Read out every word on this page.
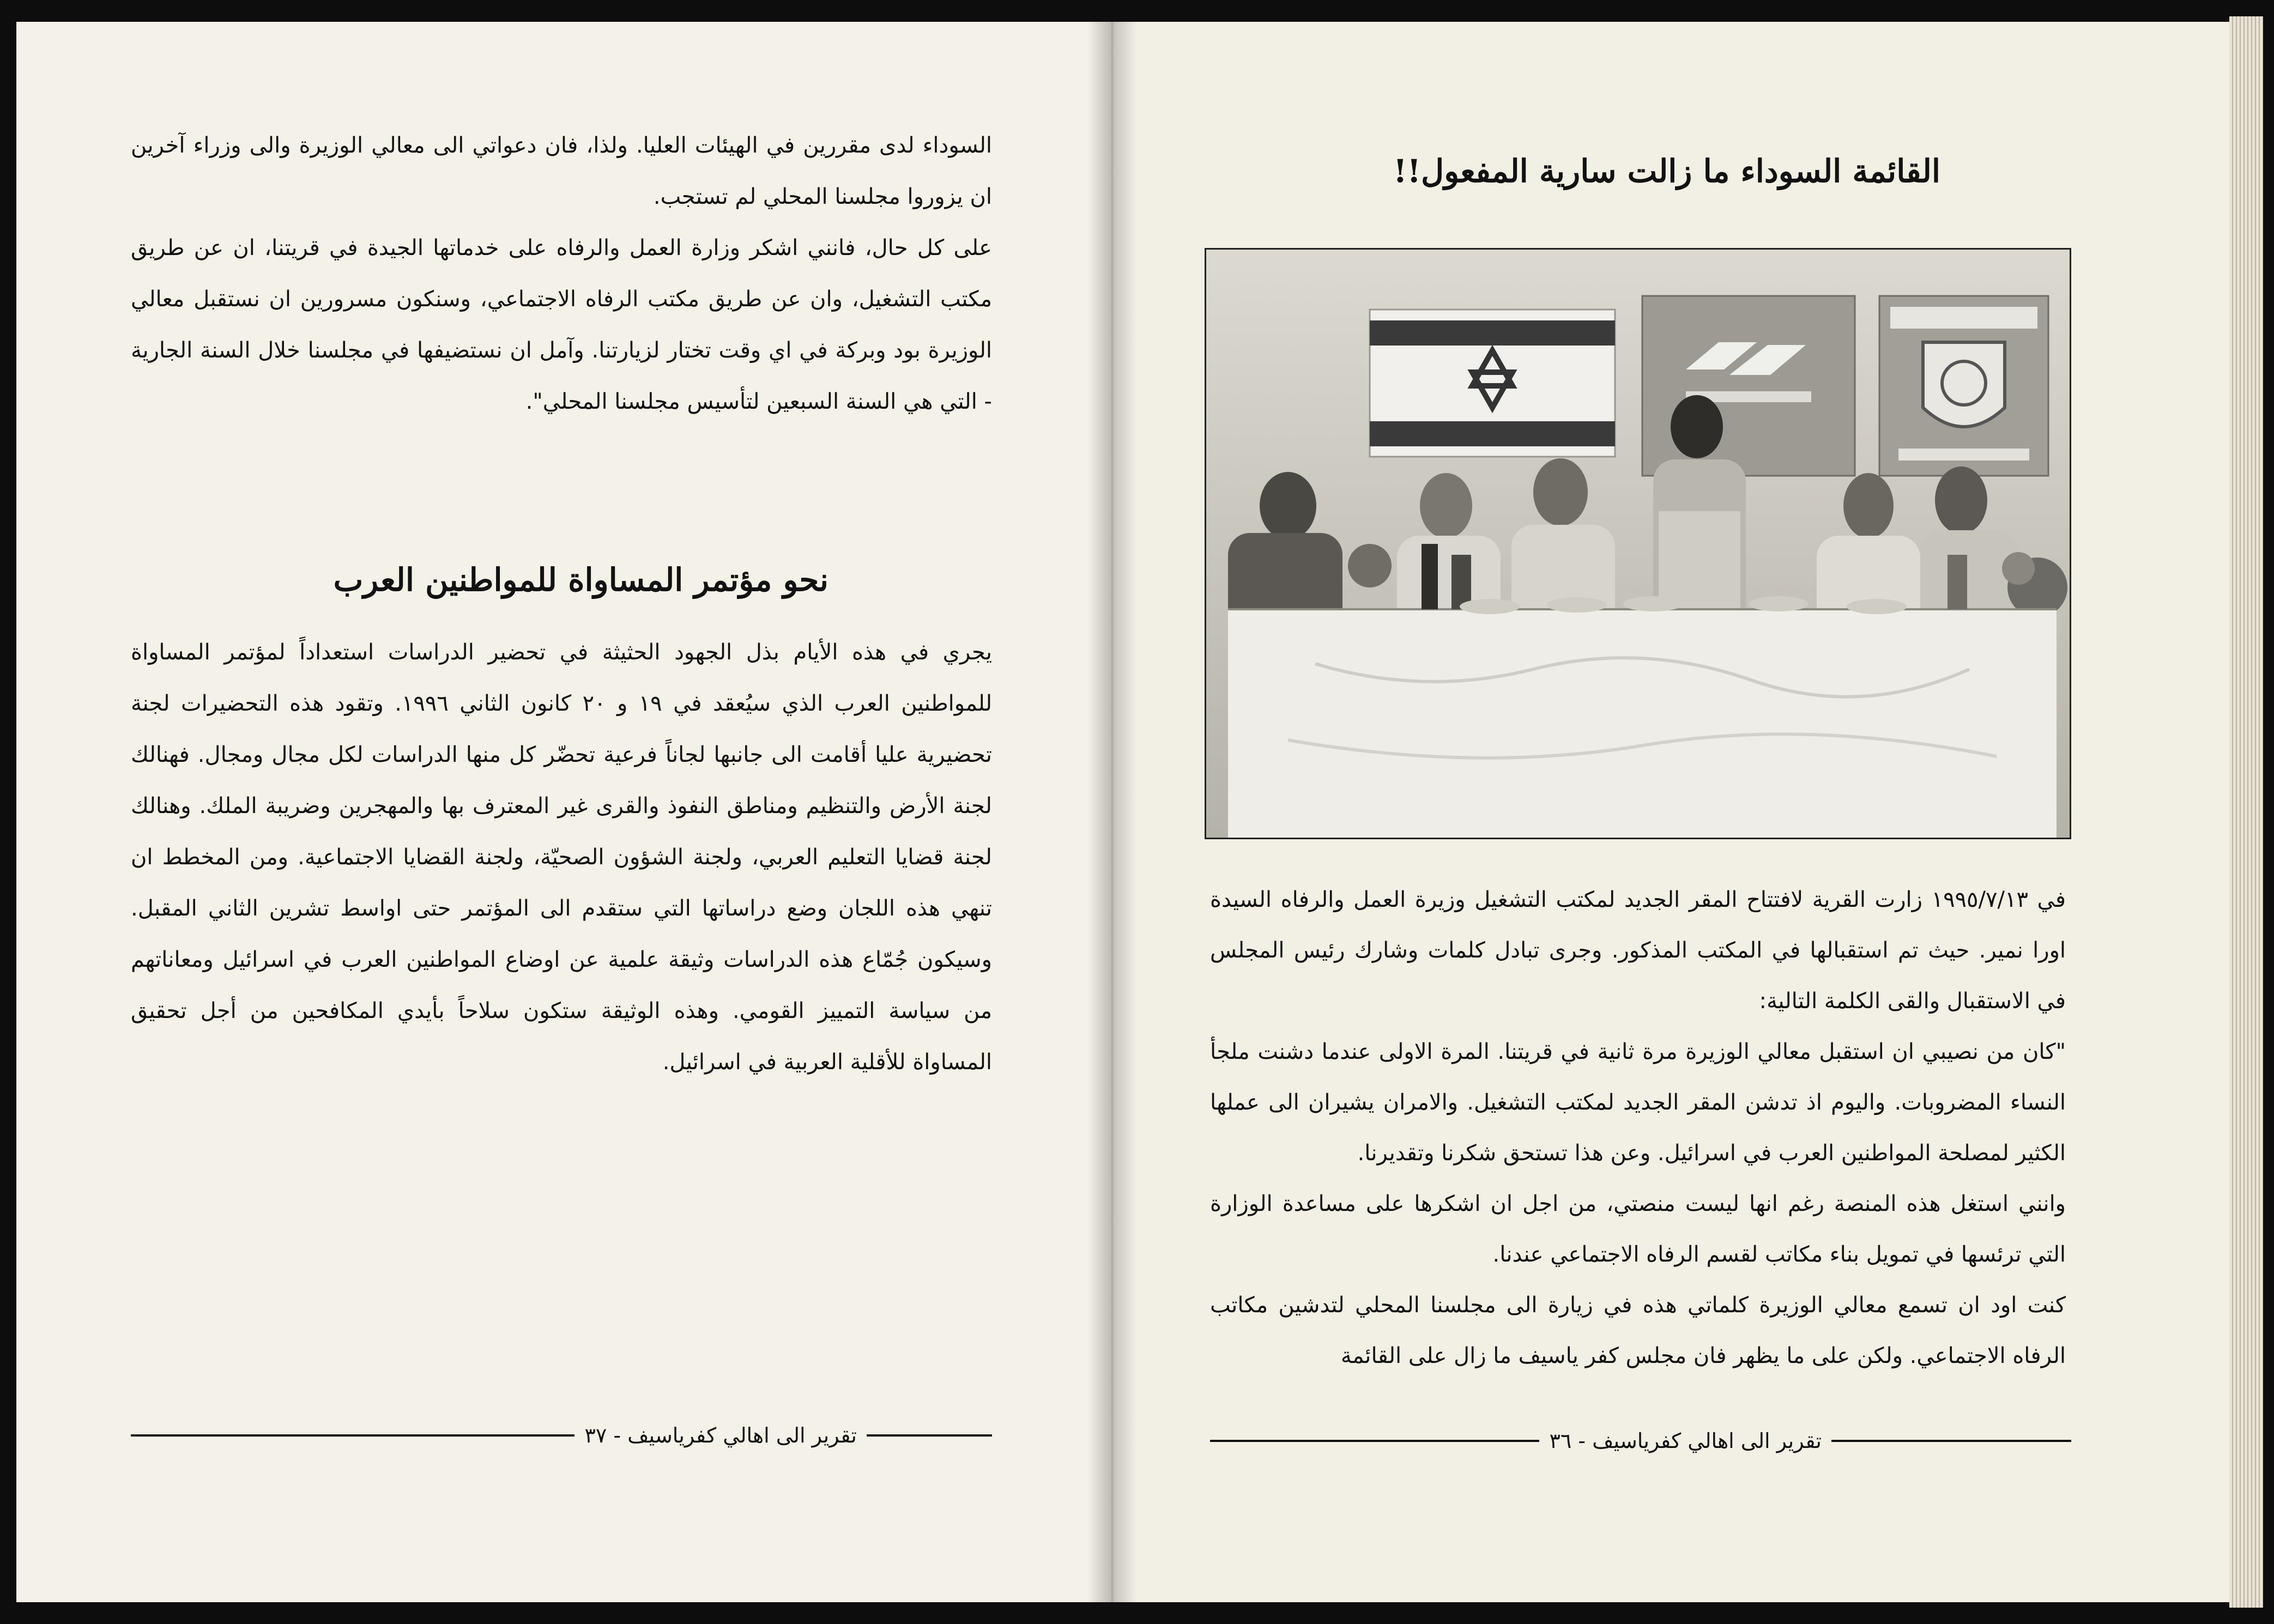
السوداء لدى مقررين في الهيئات العليا. ولذا، فان دعواتي الى معالي الوزيرة والى وزراء آخرين ان يزوروا مجلسنا المحلي لم تستجب.

على كل حال، فانني اشكر وزارة العمل والرفاه على خدماتها الجيدة في قريتنا، ان عن طريق مكتب التشغيل، وان عن طريق مكتب الرفاه الاجتماعي، وسنكون مسرورين ان نستقبل معالي الوزيرة بود وبركة في اي وقت تختار لزيارتنا. وآمل ان نستضيفها في مجلسنا خلال السنة الجارية - التي هي السنة السبعين لتأسيس مجلسنا المحلي".

نحو مؤتمر المساواة للمواطنين العرب

يجري في هذه الأيام بذل الجهود الحثيثة في تحضير الدراسات استعداداً لمؤتمر المساواة للمواطنين العرب الذي سيُعقد في ١٩ و ٢٠ كانون الثاني ١٩٩٦. وتقود هذه التحضيرات لجنة تحضيرية عليا أقامت الى جانبها لجاناً فرعية تحضّر كل منها الدراسات لكل مجال ومجال. فهنالك لجنة الأرض والتنظيم ومناطق النفوذ والقرى غير المعترف بها والمهجرين وضريبة الملك. وهنالك لجنة قضايا التعليم العربي، ولجنة الشؤون الصحيّة، ولجنة القضايا الاجتماعية. ومن المخطط ان تنهي هذه اللجان وضع دراساتها التي ستقدم الى المؤتمر حتى اواسط تشرين الثاني المقبل. وسيكون جُمّاع هذه الدراسات وثيقة علمية عن اوضاع المواطنين العرب في اسرائيل ومعاناتهم من سياسة التمييز القومي. وهذه الوثيقة ستكون سلاحاً بأيدي المكافحين من أجل تحقيق المساواة للأقلية العربية في اسرائيل.

تقرير الى اهالي كفرياسيف - ٣٧
القائمة السوداء ما زالت سارية المفعول!!

في ١٩٩٥/٧/١٣ زارت القرية لافتتاح المقر الجديد لمكتب التشغيل وزيرة العمل والرفاه السيدة اورا نمير. حيث تم استقبالها في المكتب المذكور. وجرى تبادل كلمات وشارك رئيس المجلس في الاستقبال والقى الكلمة التالية:

"كان من نصيبي ان استقبل معالي الوزيرة مرة ثانية في قريتنا. المرة الاولى عندما دشنت ملجأ النساء المضروبات. واليوم اذ تدشن المقر الجديد لمكتب التشغيل. والامران يشيران الى عملها الكثير لمصلحة المواطنين العرب في اسرائيل. وعن هذا تستحق شكرنا وتقديرنا.

وانني استغل هذه المنصة رغم انها ليست منصتي، من اجل ان اشكرها على مساعدة الوزارة التي ترئسها في تمويل بناء مكاتب لقسم الرفاه الاجتماعي عندنا.

كنت اود ان تسمع معالي الوزيرة كلماتي هذه في زيارة الى مجلسنا المحلي لتدشين مكاتب الرفاه الاجتماعي. ولكن على ما يظهر فان مجلس كفر ياسيف ما زال على القائمة

تقرير الى اهالي كفرياسيف - ٣٦
